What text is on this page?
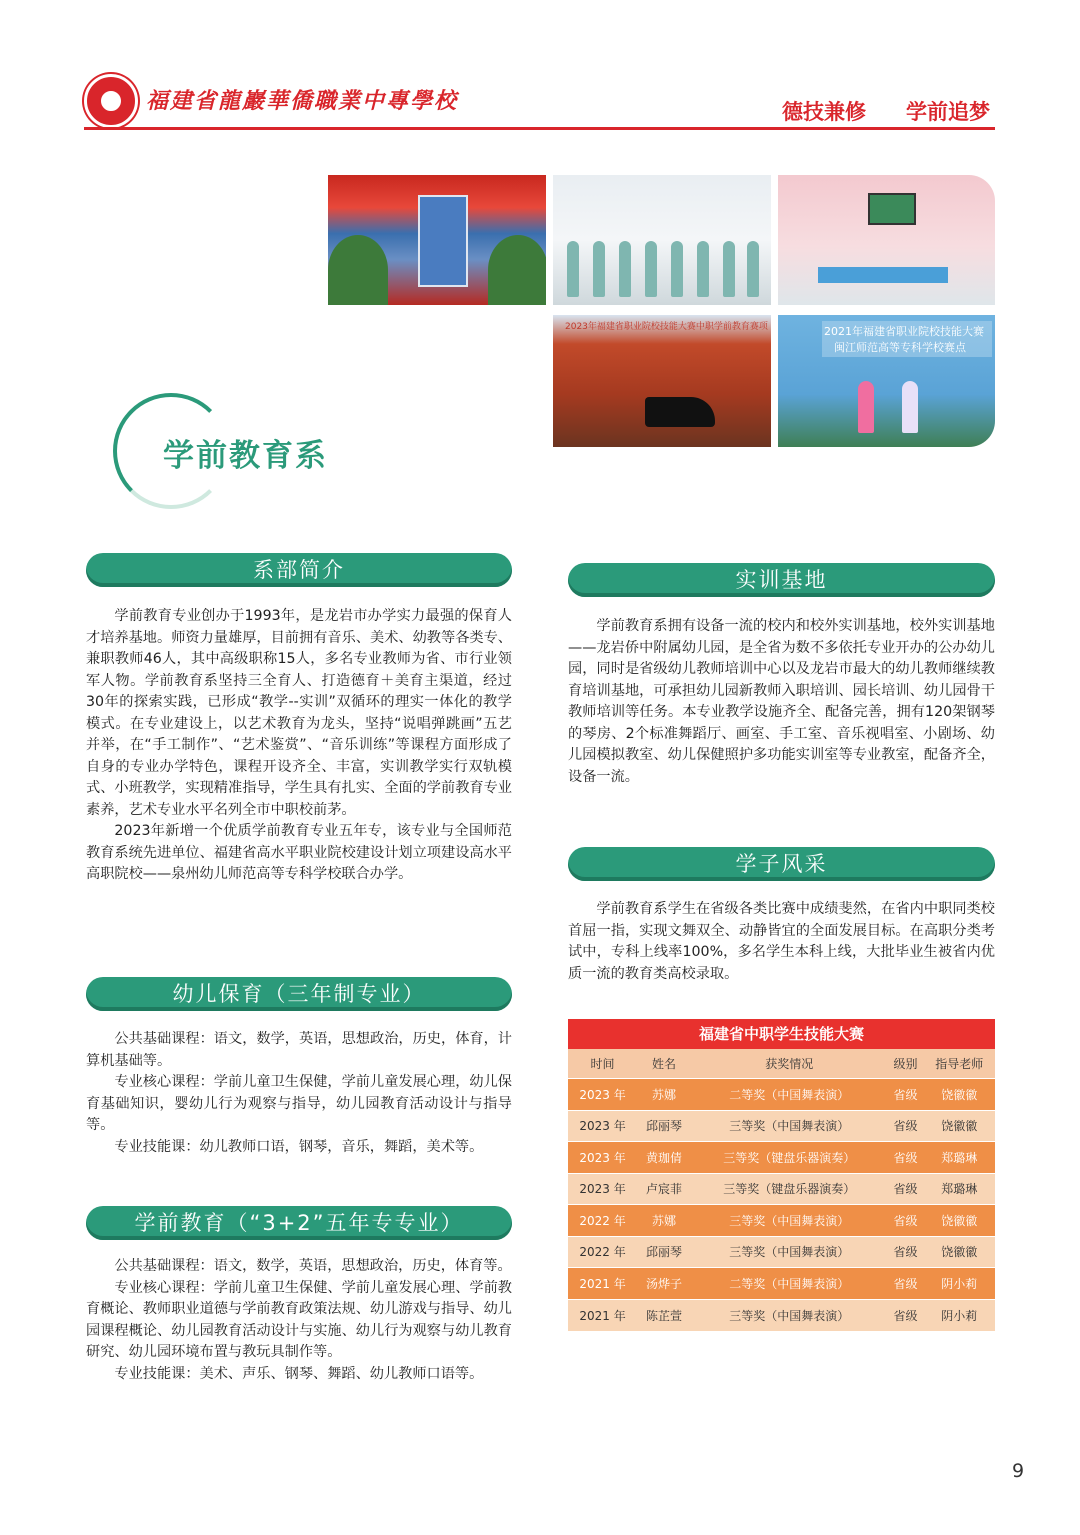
福建省龍巖華僑職業中專學校	德技兼修 学前追梦
2023年福建省职业院校技能大赛中职学前教育赛项	2021年福建省职业院校技能大赛
闽江师范高等专科学校赛点
学前教育系
系部简介

学前教育专业创办于1993年，是龙岩市办学实力最强的保育人才培养基地。师资力量雄厚，目前拥有音乐、美术、幼教等各类专、兼职教师46人，其中高级职称15人，多名专业教师为省、市行业领军人物。学前教育系坚持三全育人、打造德育＋美育主渠道，经过30年的探索实践，已形成“教学--实训”双循环的理实一体化的教学模式。在专业建设上，以艺术教育为龙头，坚持“说唱弹跳画”五艺并举，在“手工制作”、“艺术鉴赏”、“音乐训练”等课程方面形成了自身的专业办学特色，课程开设齐全、丰富，实训教学实行双轨模式、小班教学，实现精准指导，学生具有扎实、全面的学前教育专业素养，艺术专业水平名列全市中职校前茅。

2023年新增一个优质学前教育专业五年专，该专业与全国师范教育系统先进单位、福建省高水平职业院校建设计划立项建设高水平高职院校——泉州幼儿师范高等专科学校联合办学。

幼儿保育（三年制专业）

公共基础课程：语文，数学，英语，思想政治，历史，体育，计算机基础等。

专业核心课程：学前儿童卫生保健，学前儿童发展心理，幼儿保育基础知识，婴幼儿行为观察与指导，幼儿园教育活动设计与指导等。

专业技能课：幼儿教师口语，钢琴，音乐，舞蹈，美术等。

学前教育（“3+2”五年专专业）

公共基础课程：语文，数学，英语，思想政治，历史，体育等。

专业核心课程：学前儿童卫生保健、学前儿童发展心理、学前教育概论、教师职业道德与学前教育政策法规、幼儿游戏与指导、幼儿园课程概论、幼儿园教育活动设计与实施、幼儿行为观察与幼儿教育研究、幼儿园环境布置与教玩具制作等。

专业技能课：美术、声乐、钢琴、舞蹈、幼儿教师口语等。

实训基地

学前教育系拥有设备一流的校内和校外实训基地，校外实训基地——龙岩侨中附属幼儿园，是全省为数不多依托专业开办的公办幼儿园，同时是省级幼儿教师培训中心以及龙岩市最大的幼儿教师继续教育培训基地，可承担幼儿园新教师入职培训、园长培训、幼儿园骨干教师培训等任务。本专业教学设施齐全、配备完善，拥有120架钢琴的琴房、2个标准舞蹈厅、画室、手工室、音乐视唱室、小剧场、幼儿园模拟教室、幼儿保健照护多功能实训室等专业教室，配备齐全，设备一流。

学子风采

学前教育系学生在省级各类比赛中成绩斐然，在省内中职同类校首屈一指，实现文舞双全、动静皆宜的全面发展目标。在高职分类考试中，专科上线率100%，多名学生本科上线，大批毕业生被省内优质一流的教育类高校录取。

福建省中职学生技能大赛				
时间	姓名	获奖情况	级别	指导老师
2023 年	苏娜	二等奖（中国舞表演）	省级	饶徽徽
2023 年	邱丽琴	三等奖（中国舞表演）	省级	饶徽徽
2023 年	黄珈倩	三等奖（键盘乐器演奏）	省级	郑璐琳
2023 年	卢宸菲	三等奖（键盘乐器演奏）	省级	郑璐琳
2022 年	苏娜	三等奖（中国舞表演）	省级	饶徽徽
2022 年	邱丽琴	三等奖（中国舞表演）	省级	饶徽徽
2021 年	汤烨子	二等奖（中国舞表演）	省级	阴小莉
2021 年	陈芷萱	三等奖（中国舞表演）	省级	阴小莉
9
